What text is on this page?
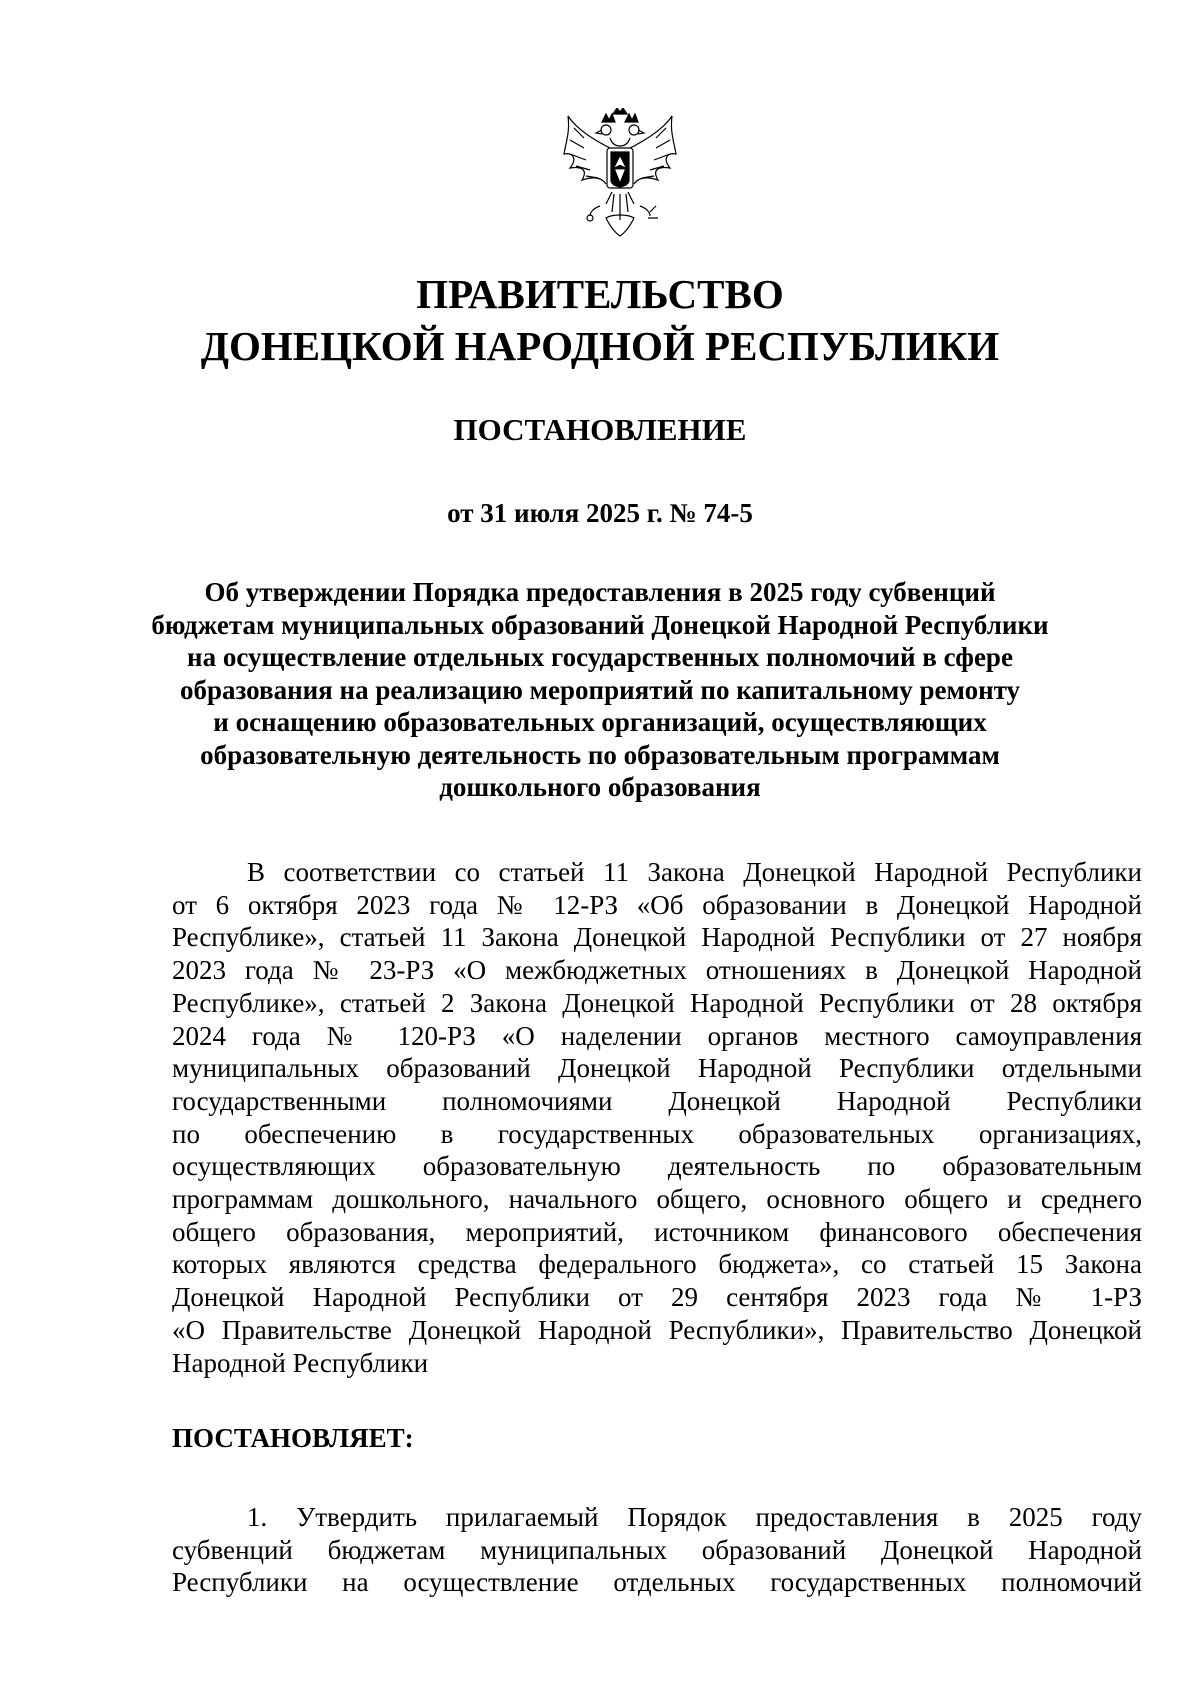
ПРАВИТЕЛЬСТВО
ДОНЕЦКОЙ НАРОДНОЙ РЕСПУБЛИКИ
ПОСТАНОВЛЕНИЕ
от 31 июля 2025 г. № 74-5
Об утверждении Порядка предоставления в 2025 году субвенций
бюджетам муниципальных образований Донецкой Народной Республики
на осуществление отдельных государственных полномочий в сфере
образования на реализацию мероприятий по капитальному ремонту
и оснащению образовательных организаций, осуществляющих
образовательную деятельность по образовательным программам
дошкольного образования
В соответствии со статьей 11 Закона Донецкой Народной Республики
от 6 октября 2023 года № 12-РЗ «Об образовании в Донецкой Народной
Республике», статьей 11 Закона Донецкой Народной Республики от 27 ноября
2023 года № 23-РЗ «О межбюджетных отношениях в Донецкой Народной
Республике», статьей 2 Закона Донецкой Народной Республики от 28 октября
2024 года № 120-РЗ «О наделении органов местного самоуправления
муниципальных образований Донецкой Народной Республики отдельными
государственными полномочиями Донецкой Народной Республики
по обеспечению в государственных образовательных организациях,
осуществляющих образовательную деятельность по образовательным
программам дошкольного, начального общего, основного общего и среднего
общего образования, мероприятий, источником финансового обеспечения
которых являются средства федерального бюджета», со статьей 15 Закона
Донецкой Народной Республики от 29 сентября 2023 года № 1-РЗ
«О Правительстве Донецкой Народной Республики», Правительство Донецкой
Народной Республики
ПОСТАНОВЛЯЕТ:
1. Утвердить прилагаемый Порядок предоставления в 2025 году
субвенций бюджетам муниципальных образований Донецкой Народной
Республики на осуществление отдельных государственных полномочий
